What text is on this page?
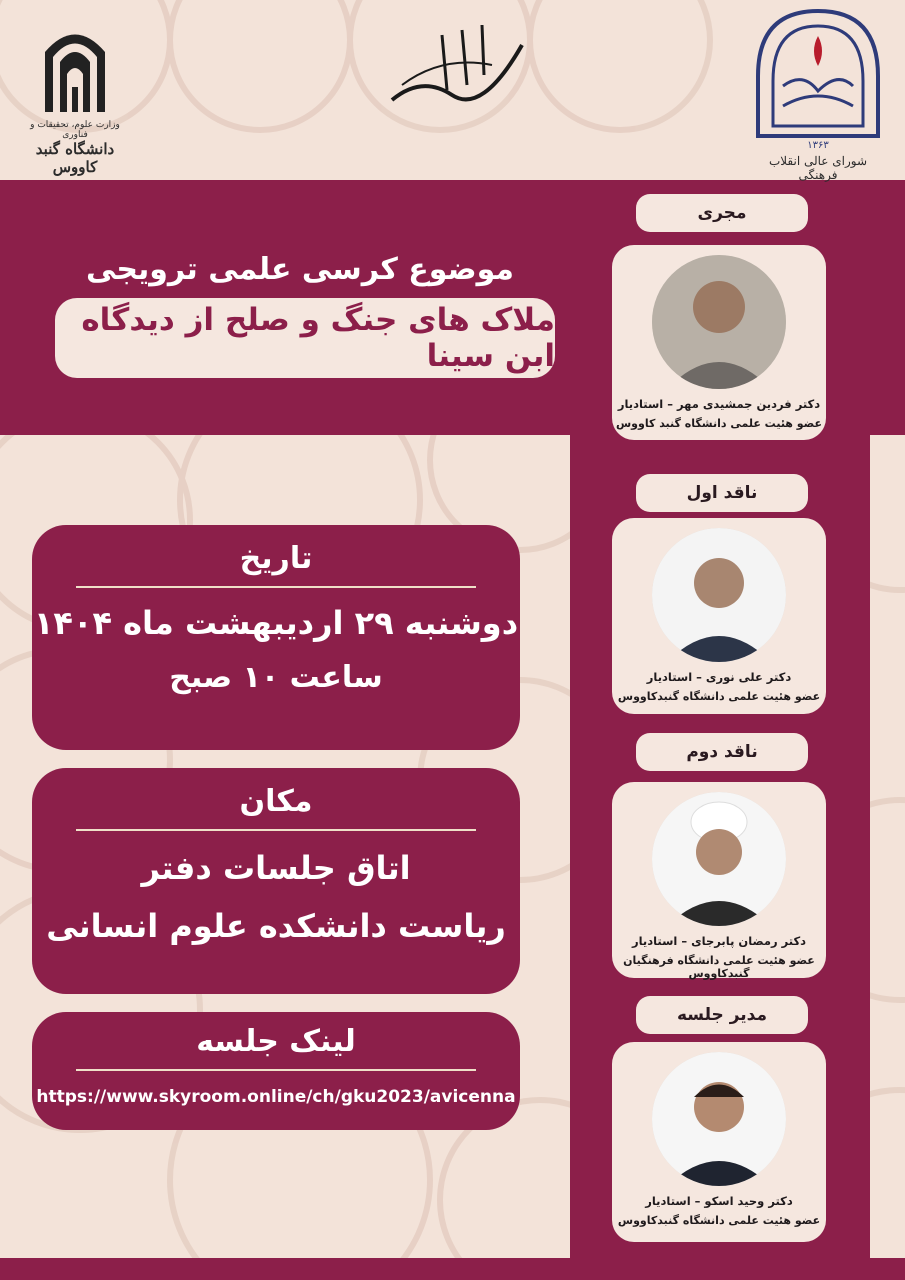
وزارت علوم، تحقیقات و فناوری
دانشگاه گنبد کاووس
۱۳۶۳
شورای عالی انقلاب فرهنگی
موضوع کرسی علمی ترویجی
ملاک های جنگ و صلح از دیدگاه ابن سینا
تاریخ
دوشنبه ۲۹ اردیبهشت ماه ۱۴۰۴
ساعت ۱۰ صبح
مکان
اتاق جلسات دفتر
ریاست دانشکده علوم انسانی
لینک جلسه
https://www.skyroom.online/ch/gku2023/avicenna
مجری
دکتر فردین جمشیدی مهر – استادیار
عضو هئیت علمی دانشگاه گنبد کاووس
ناقد اول
دکتر علی نوری – استادیار
عضو هئیت علمی دانشگاه گنبدکاووس
ناقد دوم
دکتر رمضان پابرجای – استادیار
عضو هئیت علمی دانشگاه فرهنگیان گنبدکاووس
مدیر جلسه
دکتر وحید اسکو – استادیار
عضو هئیت علمی دانشگاه گنبدکاووس
